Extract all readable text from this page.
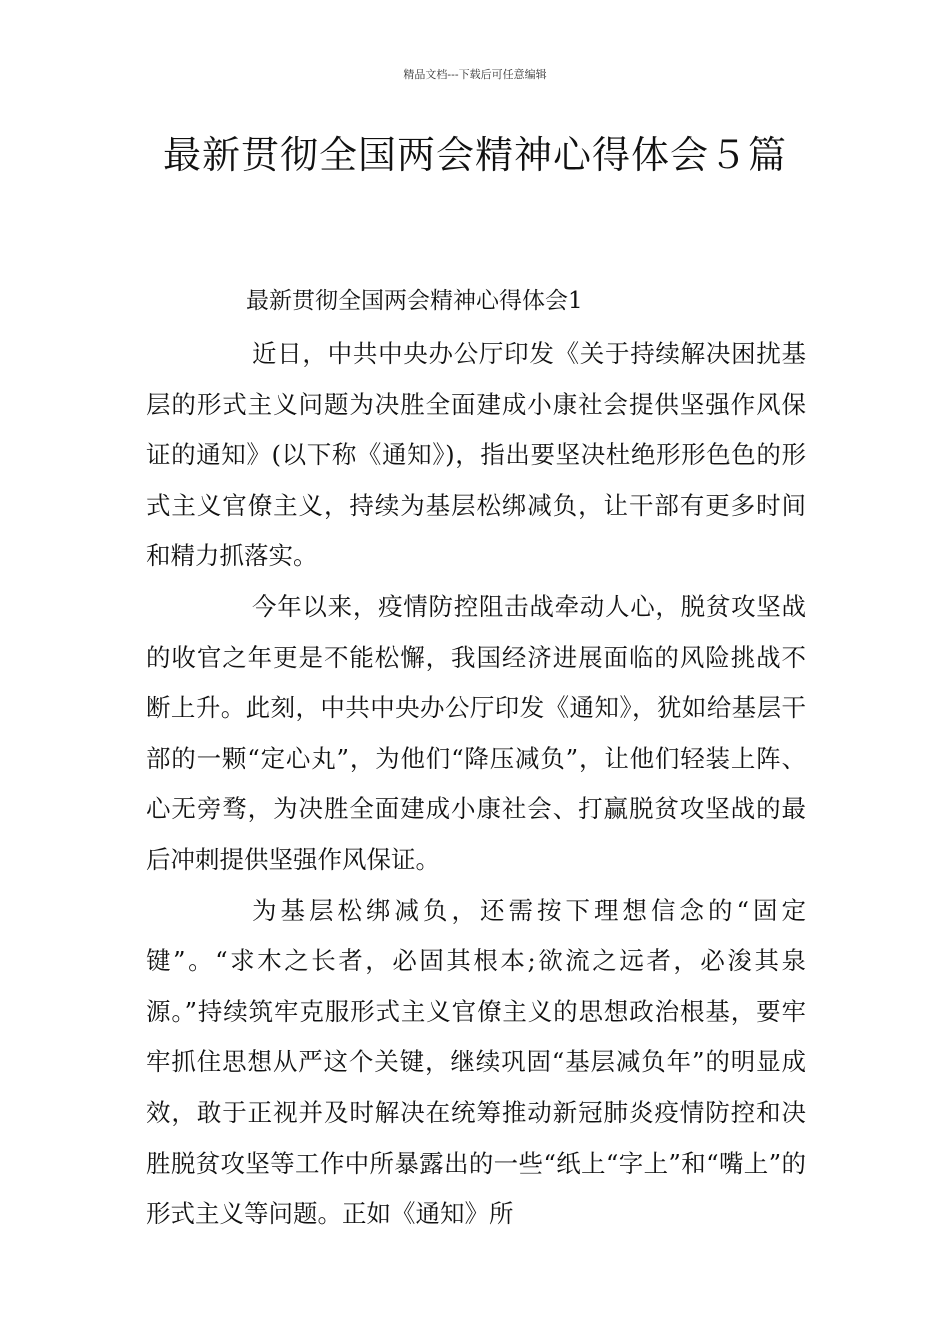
精品文档---下载后可任意编辑
最新贯彻全国两会精神心得体会５篇
最新贯彻全国两会精神心得体会1

近日，中共中央办公厅印发《关于持续解决困扰基层的形式主义问题为决胜全面建成小康社会提供坚强作风保证的通知》(以下称《通知》)，指出要坚决杜绝形形色色的形式主义官僚主义，持续为基层松绑减负，让干部有更多时间和精力抓落实。

今年以来，疫情防控阻击战牵动人心，脱贫攻坚战的收官之年更是不能松懈，我国经济进展面临的风险挑战不断上升。此刻，中共中央办公厅印发《通知》，犹如给基层干部的一颗“定心丸”，为他们“降压减负”，让他们轻装上阵、心无旁骛，为决胜全面建成小康社会、打赢脱贫攻坚战的最后冲刺提供坚强作风保证。

为基层松绑减负，还需按下理想信念的“固定键”。“求木之长者，必固其根本;欲流之远者，必浚其泉源。”持续筑牢克服形式主义官僚主义的思想政治根基，要牢牢抓住思想从严这个关键，继续巩固“基层减负年”的明显成效，敢于正视并及时解决在统筹推动新冠肺炎疫情防控和决胜脱贫攻坚等工作中所暴露出的一些“纸上“字上”和“嘴上”的形式主义等问题。正如《通知》所
